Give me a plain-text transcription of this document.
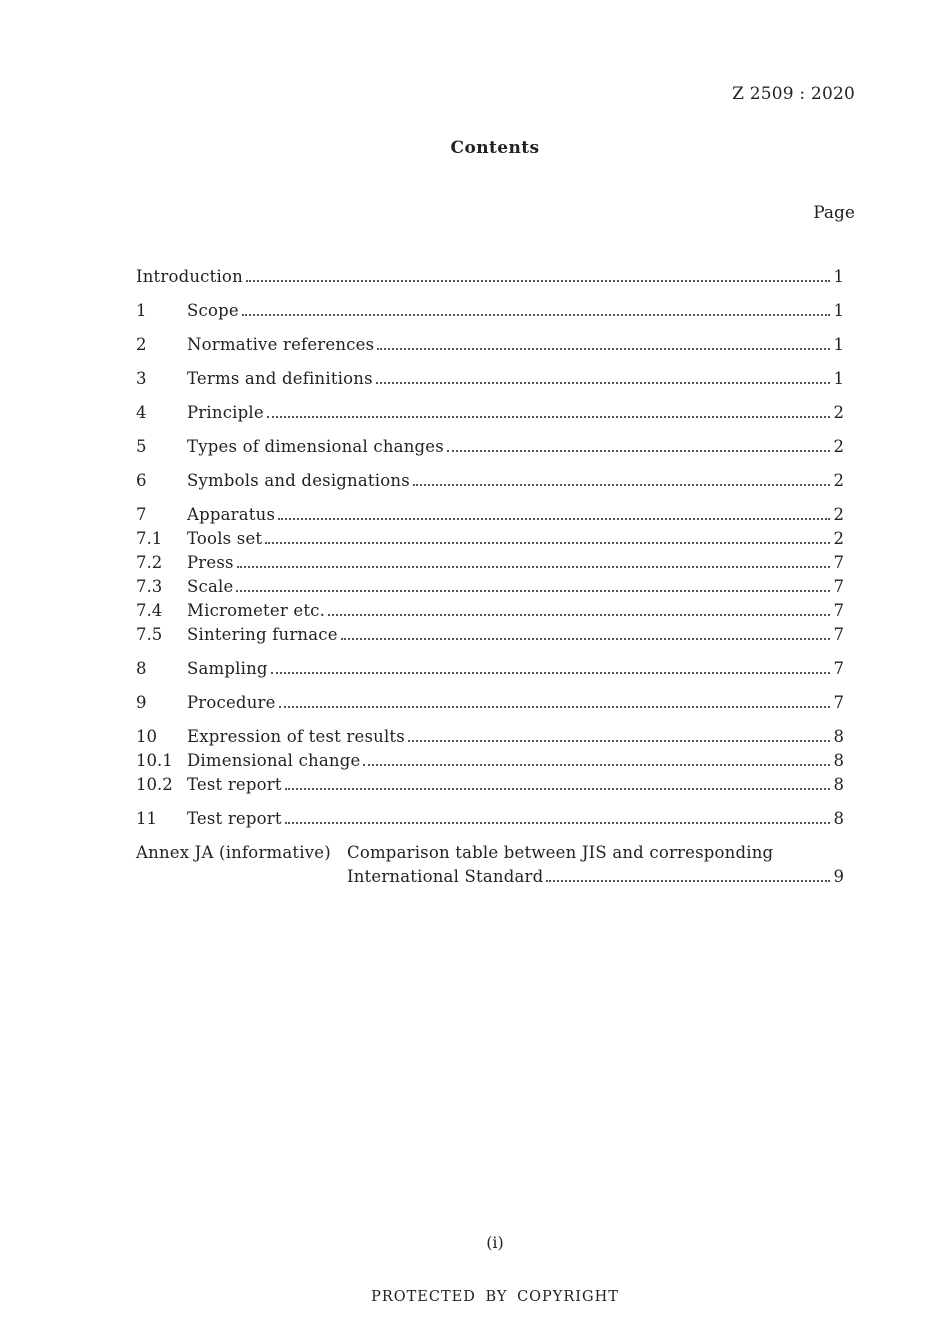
Z 2509 : 2020
Contents
Page
Introduction	1
1	Scope	1
2	Normative references	1
3	Terms and definitions	1
4	Principle	2
5	Types of dimensional changes	2
6	Symbols and designations	2
7	Apparatus	2
7.1	Tools set	2
7.2	Press	7
7.3	Scale	7
7.4	Micrometer etc.	7
7.5	Sintering furnace	7
8	Sampling	7
9	Procedure	7
10	Expression of test results	8
10.1 Dimensional change	8
10.2 Test report	8
11	Test report	8
Annex JA (informative) Comparison table between JIS and corresponding
International Standard	9
(i)
PROTECTED BY COPYRIGHT
